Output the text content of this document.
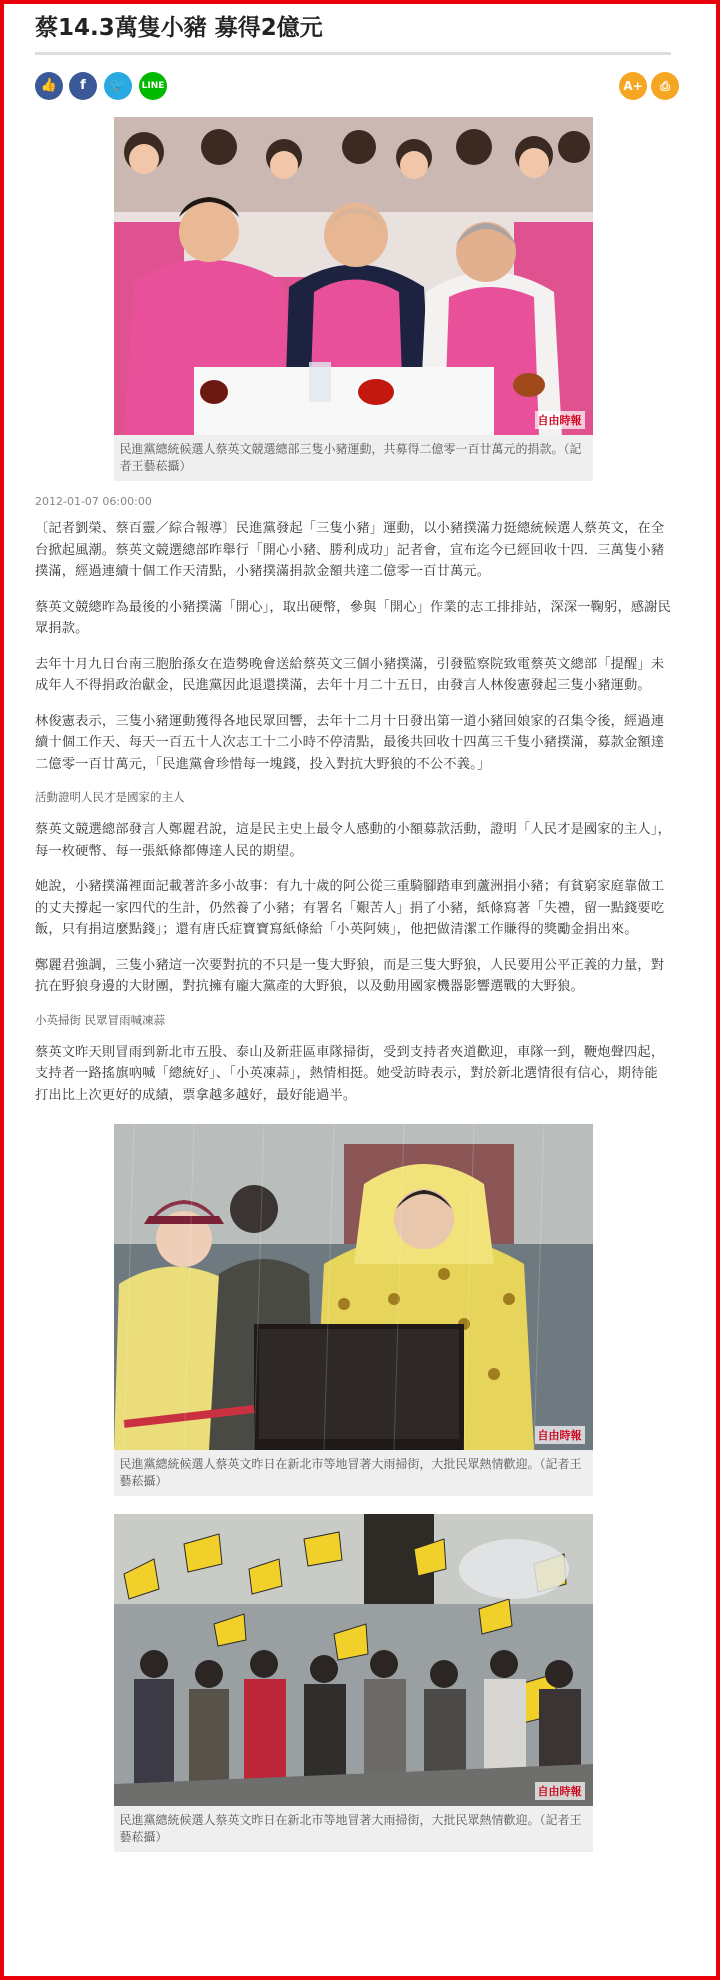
蔡14.3萬隻小豬 募得2億元
👍	f	🐦	LINE	A+	⎙
自由時報
民進黨總統候選人蔡英文競選總部三隻小豬運動，共募得二億零一百廿萬元的捐款。（記者王藝菘攝）
2012-01-07 06:00:00

〔記者劉榮、蔡百靈／綜合報導〕民進黨發起「三隻小豬」運動，以小豬撲滿力挺總統候選人蔡英文，在全台掀起風潮。蔡英文競選總部昨舉行「開心小豬、勝利成功」記者會，宣布迄今已經回收十四．三萬隻小豬撲滿，經過連續十個工作天清點，小豬撲滿捐款金額共達二億零一百廿萬元。

蔡英文競總昨為最後的小豬撲滿「開心」，取出硬幣，參與「開心」作業的志工排排站，深深一鞠躬，感謝民眾捐款。

去年十月九日台南三胞胎孫女在造勢晚會送給蔡英文三個小豬撲滿，引發監察院致電蔡英文總部「提醒」未成年人不得捐政治獻金，民進黨因此退還撲滿，去年十月二十五日，由發言人林俊憲發起三隻小豬運動。

林俊憲表示，三隻小豬運動獲得各地民眾回響，去年十二月十日發出第一道小豬回娘家的召集令後，經過連續十個工作天、每天一百五十人次志工十二小時不停清點，最後共回收十四萬三千隻小豬撲滿，募款金額達二億零一百廿萬元，「民進黨會珍惜每一塊錢，投入對抗大野狼的不公不義。」

活動證明人民才是國家的主人

蔡英文競選總部發言人鄭麗君說，這是民主史上最令人感動的小額募款活動，證明「人民才是國家的主人」，每一枚硬幣、每一張紙條都傳達人民的期望。

她說，小豬撲滿裡面記載著許多小故事：有九十歲的阿公從三重騎腳踏車到蘆洲捐小豬；有貧窮家庭靠做工的丈夫撐起一家四代的生計，仍然養了小豬；有署名「艱苦人」捐了小豬，紙條寫著「失禮，留一點錢要吃飯，只有捐這麼點錢」；還有唐氏症寶寶寫紙條給「小英阿姨」，他把做清潔工作賺得的獎勵金捐出來。

鄭麗君強調，三隻小豬這一次要對抗的不只是一隻大野狼，而是三隻大野狼，人民要用公平正義的力量，對抗在野狼身邊的大財團，對抗擁有龐大黨產的大野狼，以及動用國家機器影響選戰的大野狼。

小英掃街 民眾冒雨喊凍蒜

蔡英文昨天則冒雨到新北市五股、泰山及新莊區車隊掃街，受到支持者夾道歡迎，車隊一到，鞭炮聲四起，支持者一路搖旗吶喊「總統好」、「小英凍蒜」，熱情相挺。她受訪時表示，對於新北選情很有信心，期待能打出比上次更好的成績，票拿越多越好，最好能過半。

自由時報
民進黨總統候選人蔡英文昨日在新北市等地冒著大雨掃街，大批民眾熱情歡迎。（記者王藝菘攝）
自由時報
民進黨總統候選人蔡英文昨日在新北市等地冒著大雨掃街，大批民眾熱情歡迎。（記者王藝菘攝）
